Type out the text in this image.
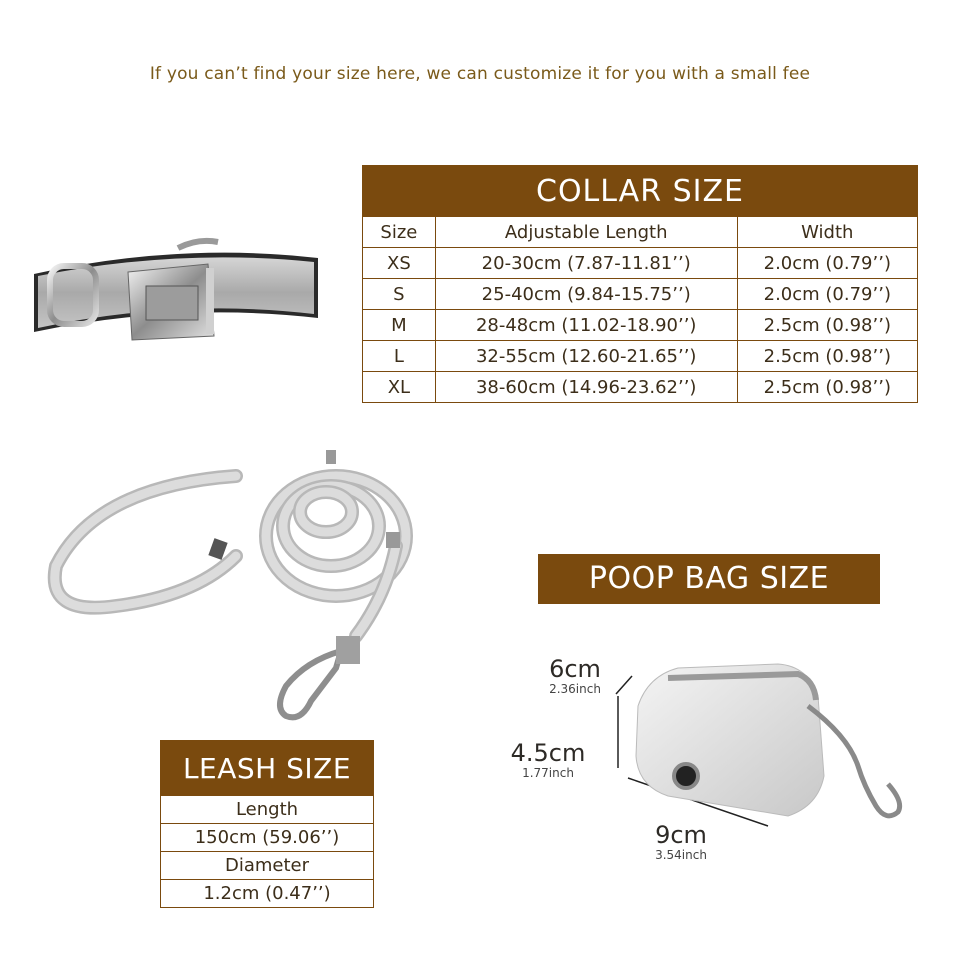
If you can’t find your size here, we can customize it for you with a small fee
COLLAR SIZE		
Size	Adjustable Length	Width
XS	20-30cm (7.87-11.81’’)	2.0cm (0.79’’)
S	25-40cm (9.84-15.75’’)	2.0cm (0.79’’)
M	28-48cm (11.02-18.90’’)	2.5cm (0.98’’)
L	32-55cm (12.60-21.65’’)	2.5cm (0.98’’)
XL	38-60cm (14.96-23.62’’)	2.5cm (0.98’’)
LEASH SIZE
Length
150cm (59.06’’)
Diameter
1.2cm (0.47’’)
POOP BAG SIZE
6cm
2.36inch
4.5cm
1.77inch
9cm
3.54inch
